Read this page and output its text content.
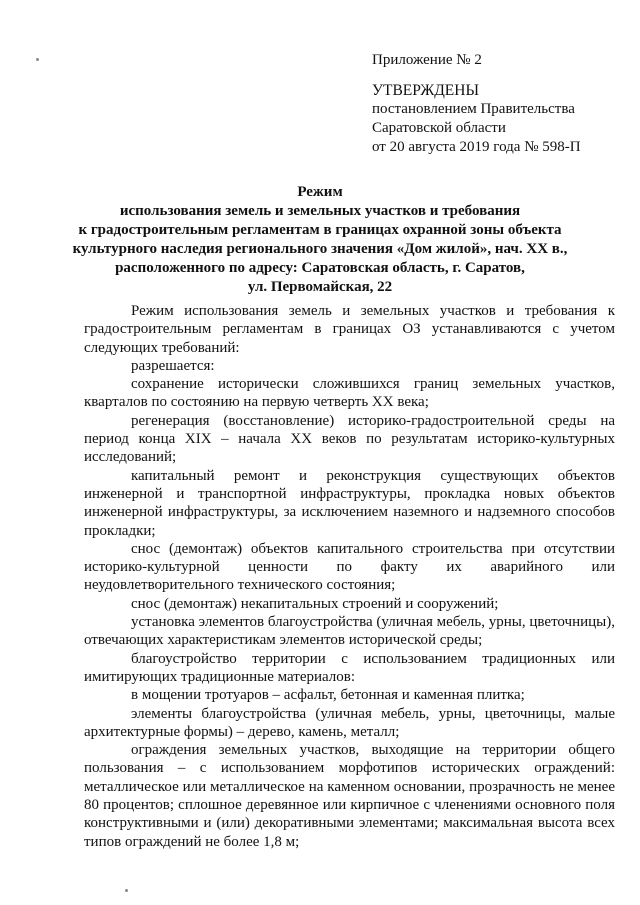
Приложение № 2
УТВЕРЖДЕНЫ
постановлением Правительства
Саратовской области
от 20 августа 2019 года № 598-П
Режим
использования земель и земельных участков и требования
к градостроительным регламентам в границах охранной зоны объекта
культурного наследия регионального значения «Дом жилой», нач. XX в.,
расположенного по адресу: Саратовская область, г. Саратов,
ул. Первомайская, 22

Режим использования земель и земельных участков и требования к градостроительным регламентам в границах ОЗ устанавливаются с учетом следующих требований:

разрешается:

сохранение исторически сложившихся границ земельных участков, кварталов по состоянию на первую четверть XX века;

регенерация (восстановление) историко-градостроительной среды на период конца XIX – начала XX веков по результатам историко-культурных исследований;

капитальный ремонт и реконструкция существующих объектов инженерной и транспортной инфраструктуры, прокладка новых объектов инженерной инфраструктуры, за исключением наземного и надземного способов прокладки;

снос (демонтаж) объектов капитального строительства при отсутствии историко-культурной ценности по факту их аварийного или неудовлетворительного технического состояния;

снос (демонтаж) некапитальных строений и сооружений;

установка элементов благоустройства (уличная мебель, урны, цветочницы), отвечающих характеристикам элементов исторической среды;

благоустройство территории с использованием традиционных или имитирующих традиционные материалов:

в мощении тротуаров – асфальт, бетонная и каменная плитка;

элементы благоустройства (уличная мебель, урны, цветочницы, малые архитектурные формы) – дерево, камень, металл;

ограждения земельных участков, выходящие на территории общего пользования – с использованием морфотипов исторических ограждений: металлическое или металлическое на каменном основании, прозрачность не менее 80 процентов; сплошное деревянное или кирпичное с членениями основного поля конструктивными и (или) декоративными элементами; максимальная высота всех типов ограждений не более 1,8 м;
